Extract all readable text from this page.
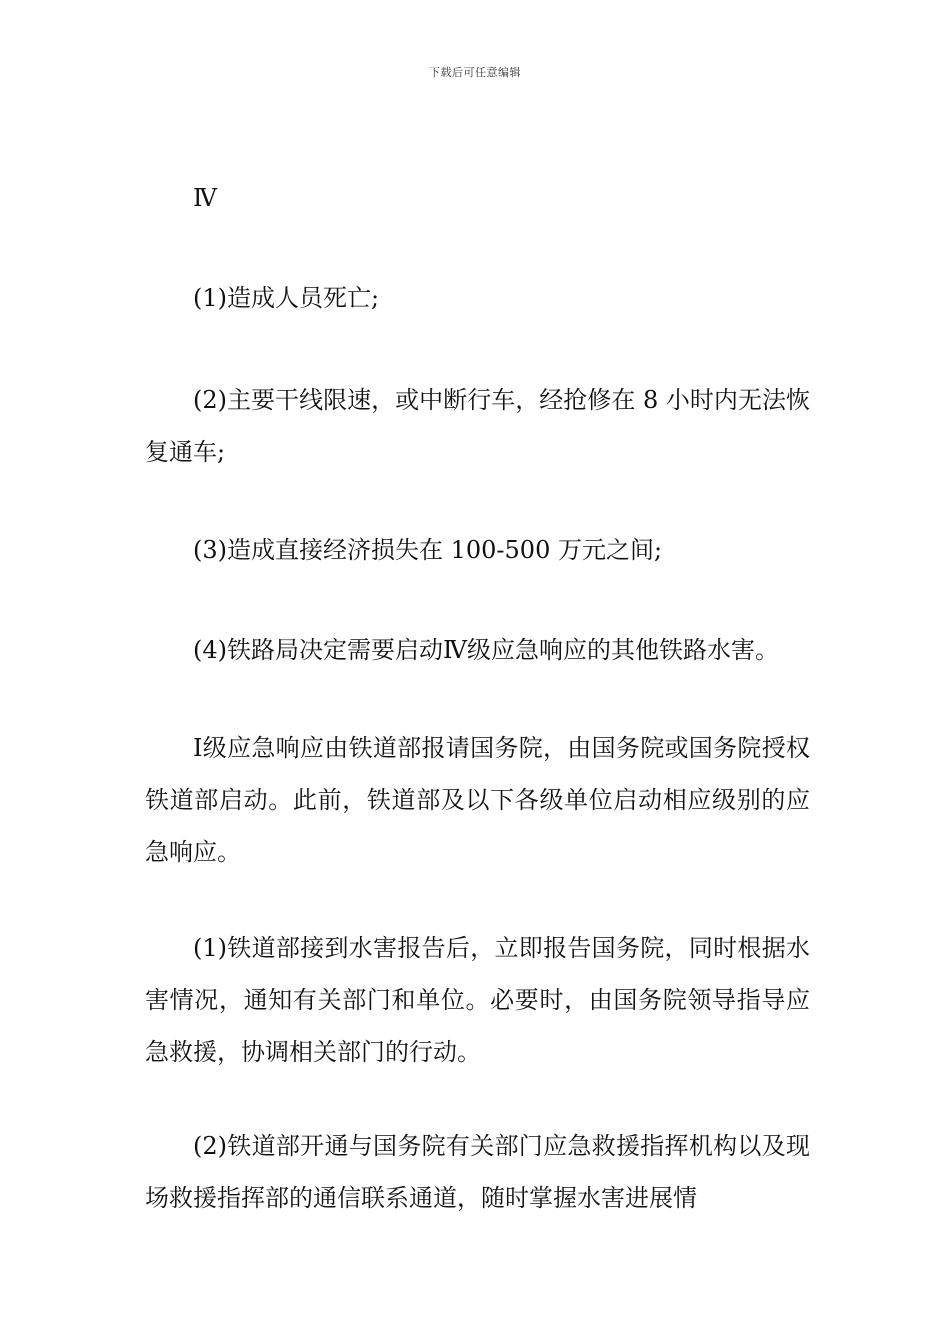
下载后可任意编辑

Ⅳ

(1)造成人员死亡;

(2)主要干线限速，或中断行车，经抢修在 8 小时内无法恢复通车;

(3)造成直接经济损失在 100-500 万元之间;

(4)铁路局决定需要启动Ⅳ级应急响应的其他铁路水害。

Ⅰ级应急响应由铁道部报请国务院，由国务院或国务院授权铁道部启动。此前，铁道部及以下各级单位启动相应级别的应急响应。

(1)铁道部接到水害报告后，立即报告国务院，同时根据水害情况，通知有关部门和单位。必要时，由国务院领导指导应急救援，协调相关部门的行动。

(2)铁道部开通与国务院有关部门应急救援指挥机构以及现场救援指挥部的通信联系通道，随时掌握水害进展情
